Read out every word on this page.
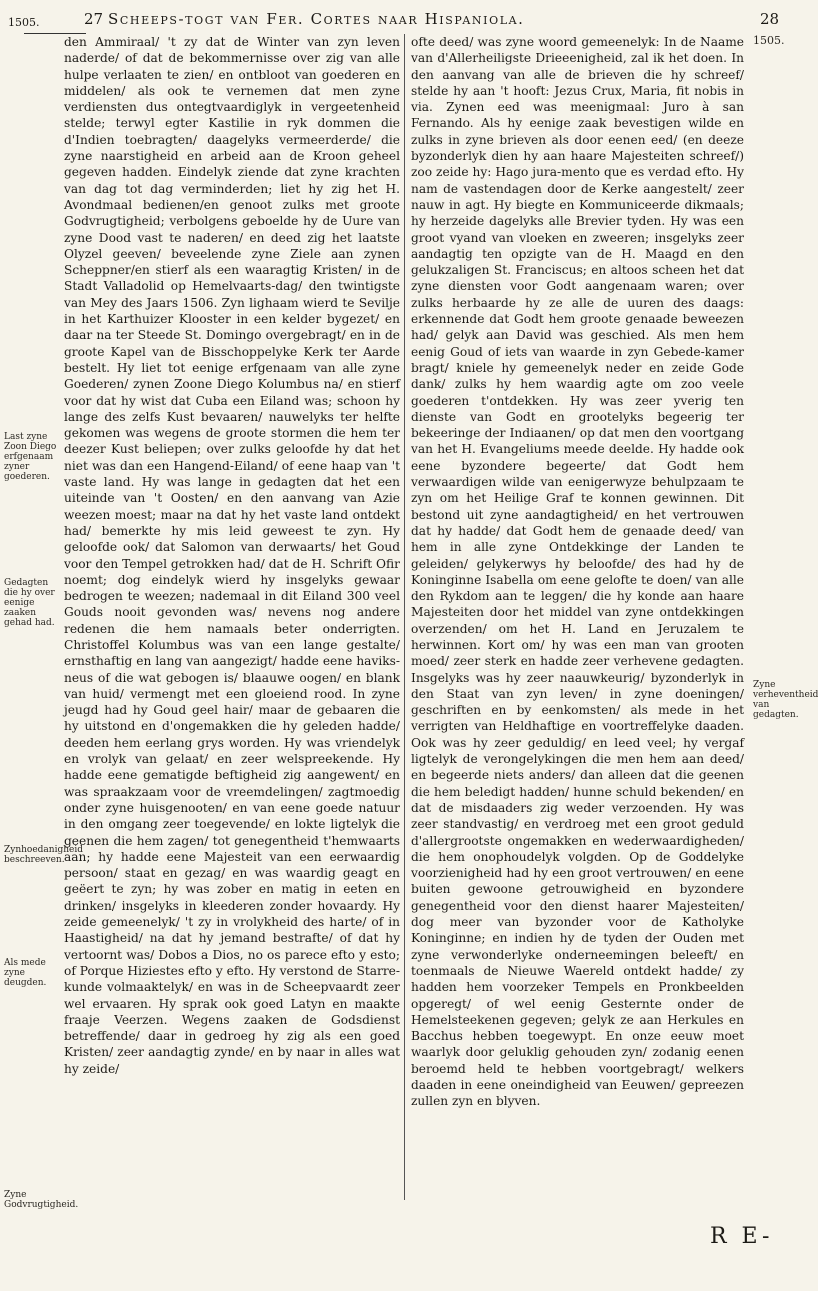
1505.	27 Scheeps-togt van Fer. Cortes naar Hispaniola.	28
1505.

den Ammiraal/ 't zy dat de Winter van zyn leven naderde/ of dat de bekommernisse over zig van alle hulpe verlaaten te zien/ en ontbloot van goederen en middelen/ als ook te vernemen dat men zyne verdiensten dus ontegtvaardiglyk in vergeetenheid stelde; terwyl egter Kastilie in ryk dommen die d'Indien toebragten/ daagelyks vermeerderde/ die zyne naarstigheid en arbeid aan de Kroon geheel gegeven hadden. Eindelyk ziende dat zyne krachten van dag tot dag verminderden; liet hy zig het H. Avondmaal bedienen/en genoot zulks met groote Godvrugtigheid; verbolgens geboelde hy de Uure van zyne Dood vast te naderen/ en deed zig het laatste Olyzel geeven/ beveelende zyne Ziele aan zynen Scheppner/en stierf als een waaragtig Kristen/ in de Stadt Valladolid op Hemelvaarts-dag/ den twintigste van Mey des Jaars 1506. Zyn lighaam wierd te Sevilje in het Karthuizer Klooster in een kelder bygezet/ en daar na ter Steede St. Domingo overgebragt/ en in de groote Kapel van de Bisschoppelyke Kerk ter Aarde bestelt. Hy liet tot eenige erfgenaam van alle zyne Goederen/ zynen Zoone Diego Kolumbus na/ en stierf voor dat hy wist dat Cuba een Eiland was; schoon hy lange des zelfs Kust bevaaren/ nauwelyks ter helfte gekomen was wegens de groote stormen die hem ter deezer Kust beliepen; over zulks geloofde hy dat het niet was dan een Hangend-Eiland/ of eene haap van 't vaste land. Hy was lange in gedagten dat het een uiteinde van 't Oosten/ en den aanvang van Azie weezen moest; maar na dat hy het vaste land ontdekt had/ bemerkte hy mis leid geweest te zyn. Hy geloofde ook/ dat Salomon van derwaarts/ het Goud voor den Tempel getrokken had/ dat de H. Schrift Ofir noemt; dog eindelyk wierd hy insgelyks gewaar bedrogen te weezen; nademaal in dit Eiland 300 veel Gouds nooit gevonden was/ nevens nog andere redenen die hem namaals beter onderrigten. Christoffel Kolumbus was van een lange gestalte/ ernsthaftig en lang van aangezigt/ hadde eene haviks-neus of die wat gebogen is/ blaauwe oogen/ en blank van huid/ vermengt met een gloeiend rood. In zyne jeugd had hy Goud geel hair/ maar de gebaaren die hy uitstond en d'ongemakken die hy geleden hadde/ deeden hem eerlang grys worden. Hy was vriendelyk en vrolyk van gelaat/ en zeer welspreekende. Hy hadde eene gematigde beftigheid zig aangewent/ en was spraakzaam voor de vreemdelingen/ zagtmoedig onder zyne huisgenooten/ en van eene goede natuur in den omgang zeer toegevende/ en lokte ligtelyk die geenen die hem zagen/ tot genegentheid t'hemwaarts aan; hy hadde eene Majesteit van een eerwaardig persoon/ staat en gezag/ en was waardig geagt en geëert te zyn; hy was zober en matig in eeten en drinken/ insgelyks in kleederen zonder hovaardy. Hy zeide gemeenelyk/ 't zy in vrolykheid des harte/ of in Haastigheid/ na dat hy jemand bestrafte/ of dat hy vertoornt was/ Dobos a Dios, no os parece efto y esto; of Porque Hiziestes efto y efto. Hy verstond de Starre-kunde volmaaktelyk/ en was in de Scheepvaardt zeer wel ervaaren. Hy sprak ook goed Latyn en maakte fraaje Veerzen. Wegens zaaken de Godsdienst betreffende/ daar in gedroeg hy zig als een goed Kristen/ zeer aandagtig zynde/ en by naar in alles wat hy zeide/

ofte deed/ was zyne woord gemeenelyk: In de Naame van d'Allerheiligste Drieeenigheid, zal ik het doen. In den aanvang van alle de brieven die hy schreef/ stelde hy aan 't hooft: Jezus Crux, Maria, fit nobis in via. Zynen eed was meenigmaal: Juro à san Fernando. Als hy eenige zaak bevestigen wilde en zulks in zyne brieven als door eenen eed/ (en deeze byzonderlyk dien hy aan haare Majesteiten schreef/) zoo zeide hy: Hago jura-mento que es verdad efto. Hy nam de vastendagen door de Kerke aangestelt/ zeer nauw in agt. Hy biegte en Kommuniceerde dikmaals; hy herzeide dagelyks alle Brevier tyden. Hy was een groot vyand van vloeken en zweeren; insgelyks zeer aandagtig ten opzigte van de H. Maagd en den gelukzaligen St. Franciscus; en altoos scheen het dat zyne diensten voor Godt aangenaam waren; over zulks herbaarde hy ze alle de uuren des daags: erkennende dat Godt hem groote genaade beweezen had/ gelyk aan David was geschied. Als men hem eenig Goud of iets van waarde in zyn Gebede-kamer bragt/ kniele hy gemeenelyk neder en zeide Gode dank/ zulks hy hem waardig agte om zoo veele goederen t'ontdekken. Hy was zeer yverig ten dienste van Godt en grootelyks begeerig ter bekeeringe der Indiaanen/ op dat men den voortgang van het H. Evangeliums meede deelde. Hy hadde ook eene byzondere begeerte/ dat Godt hem verwaardigen wilde van eenigerwyze behulpzaam te zyn om het Heilige Graf te konnen gewinnen. Dit bestond uit zyne aandagtigheid/ en het vertrouwen dat hy hadde/ dat Godt hem de genaade deed/ van hem in alle zyne Ontdekkinge der Landen te geleiden/ gelykerwys hy beloofde/ des had hy de Koninginne Isabella om eene gelofte te doen/ van alle den Rykdom aan te leggen/ die hy konde aan haare Majesteiten door het middel van zyne ontdekkingen overzenden/ om het H. Land en Jeruzalem te herwinnen. Kort om/ hy was een man van grooten moed/ zeer sterk en hadde zeer verhevene gedagten. Insgelyks was hy zeer naauwkeurig/ byzonderlyk in den Staat van zyn leven/ in zyne doeningen/ geschriften en by eenkomsten/ als mede in het verrigten van Heldhaftige en voortreffelyke daaden. Ook was hy zeer geduldig/ en leed veel; hy vergaf ligtelyk de verongelykingen die men hem aan deed/ en begeerde niets anders/ dan alleen dat die geenen die hem beledigt hadden/ hunne schuld bekenden/ en dat de misdaaders zig weder verzoenden. Hy was zeer standvastig/ en verdroeg met een groot geduld d'allergrootste ongemakken en wederwaardigheden/ die hem onophoudelyk volgden. Op de Goddelyke voorzienigheid had hy een groot vertrouwen/ en eene buiten gewoone getrouwigheid en byzondere genegentheid voor den dienst haarer Majesteiten/ dog meer van byzonder voor de Katholyke Koninginne; en indien hy de tyden der Ouden met zyne verwonderlyke onderneemingen beleeft/ en toenmaals de Nieuwe Waereld ontdekt hadde/ zy hadden hem voorzeker Tempels en Pronkbeelden opgeregt/ of wel eenig Gesternte onder de Hemelsteekenen gegeven; gelyk ze aan Herkules en Bacchus hebben toegewypt. En onze eeuw moet waarlyk door geluklig gehouden zyn/ zodanig eenen beroemd held te hebben voortgebragt/ welkers daaden in eene oneindigheid van Eeuwen/ gepreezen zullen zyn en blyven.

Last zyne Zoon Diego erfgenaam zyner goederen.
Gedagten die hy over eenige zaaken gehad had.
Zynhoedanigheid beschreeven.
Als mede zyne deugden.
Zyne Godvrugtigheid.
Zyne verheventheid van gedagten.
R E-
